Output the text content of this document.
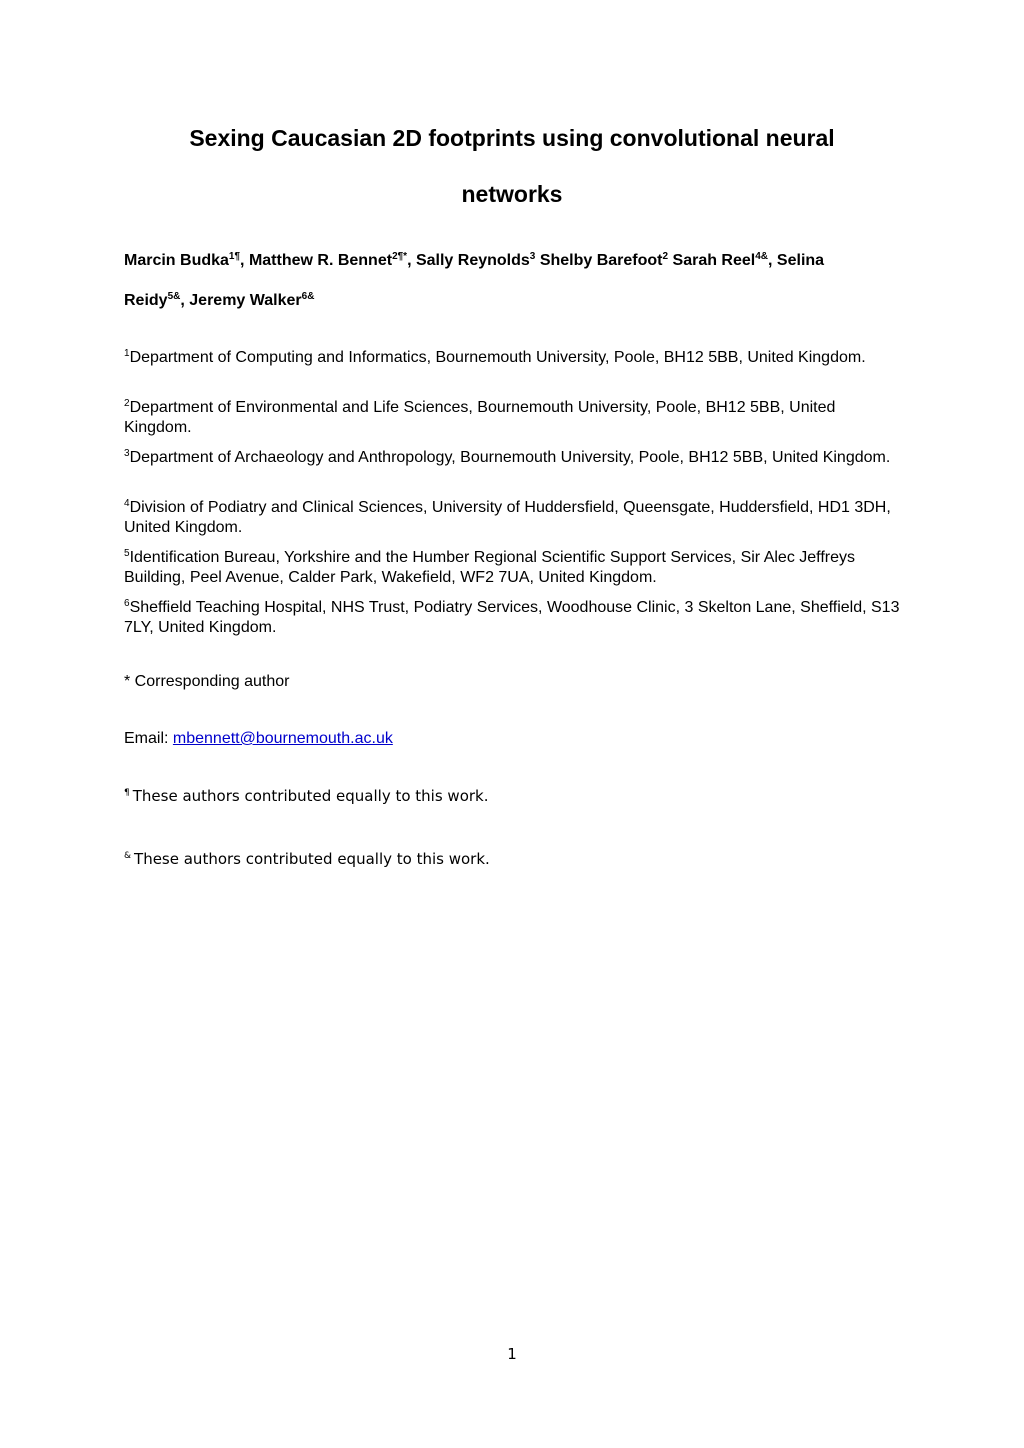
Sexing Caucasian 2D footprints using convolutional neural
networks
Marcin Budka$^{1\P}$, Matthew R. Bennet$^{2\P*}$, Sally Reynolds$^3$ Shelby Barefoot$^2$ Sarah Reel$^{4\&}$, Selina
Reidy$^{5\&}$, Jeremy Walker$^{6\&}$
$^1$Department of Computing and Informatics, Bournemouth University, Poole, BH12 5BB, United Kingdom.
$^2$Department of Environmental and Life Sciences, Bournemouth University, Poole, BH12 5BB, United Kingdom.
$^3$Department of Archaeology and Anthropology, Bournemouth University, Poole, BH12 5BB, United Kingdom.
$^4$Division of Podiatry and Clinical Sciences, University of Huddersfield, Queensgate, Huddersfield, HD1 3DH, United Kingdom.
$^5$Identification Bureau, Yorkshire and the Humber Regional Scientific Support Services, Sir Alec Jeffreys Building, Peel Avenue, Calder Park, Wakefield, WF2 7UA, United Kingdom.
$^6$Sheffield Teaching Hospital, NHS Trust, Podiatry Services, Woodhouse Clinic, 3 Skelton Lane, Sheffield, S13 7LY, United Kingdom.
* Corresponding author
Email: mbennett@bournemouth.ac.uk
¶ These authors contributed equally to this work.
& These authors contributed equally to this work.
1
